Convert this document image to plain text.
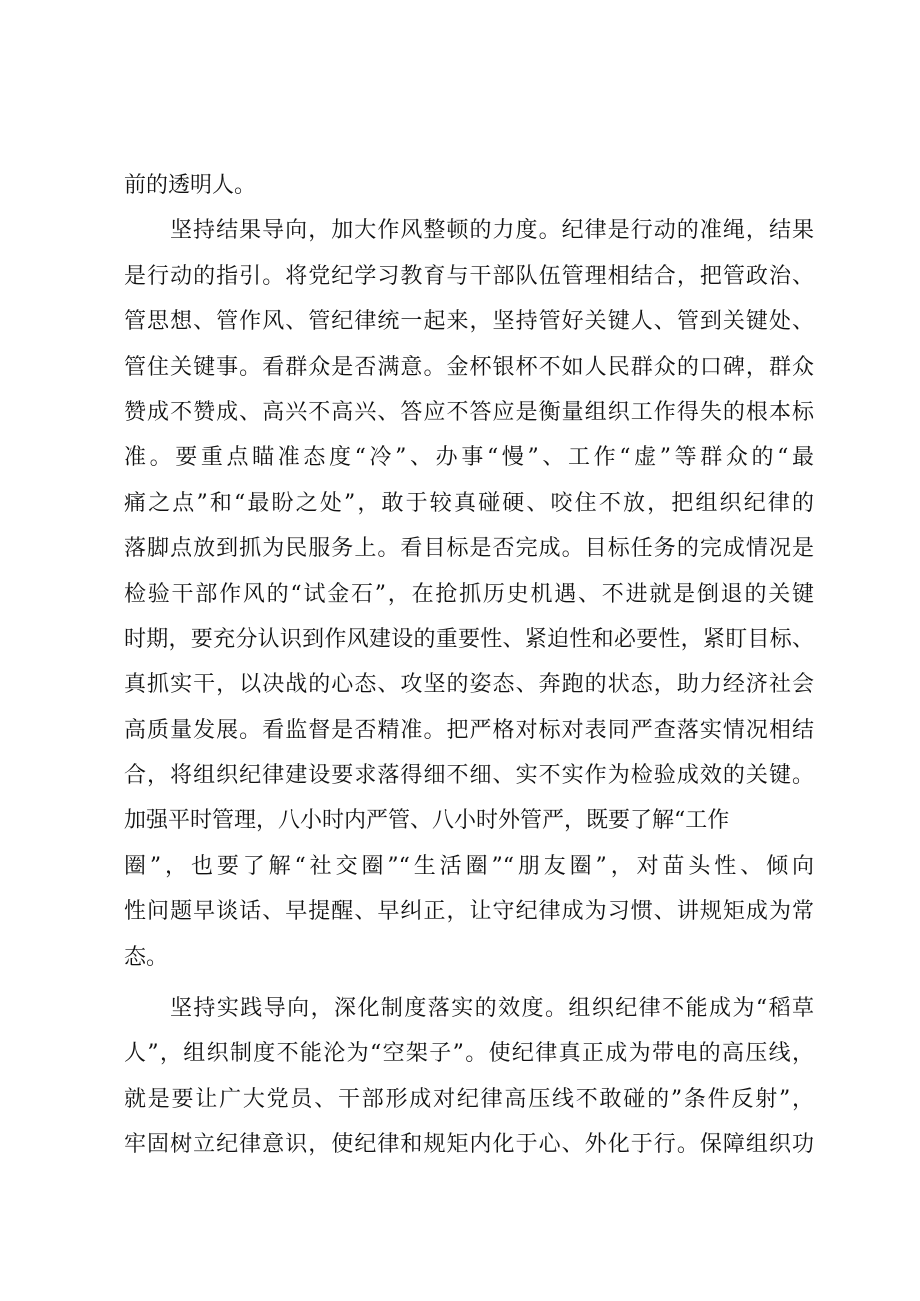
前的透明人。
坚持结果导向，加大作风整顿的力度。纪律是行动的准绳，结果
是行动的指引。将党纪学习教育与干部队伍管理相结合，把管政治、
管思想、管作风、管纪律统一起来，坚持管好关键人、管到关键处、
管住关键事。看群众是否满意。金杯银杯不如人民群众的口碑，群众
赞成不赞成、高兴不高兴、答应不答应是衡量组织工作得失的根本标
准。要重点瞄准态度“冷”、办事“慢”、工作“虚”等群众的“最
痛之点”和“最盼之处”，敢于较真碰硬、咬住不放，把组织纪律的
落脚点放到抓为民服务上。看目标是否完成。目标任务的完成情况是
检验干部作风的“试金石”，在抢抓历史机遇、不进就是倒退的关键
时期，要充分认识到作风建设的重要性、紧迫性和必要性，紧盯目标、
真抓实干，以决战的心态、攻坚的姿态、奔跑的状态，助力经济社会
高质量发展。看监督是否精准。把严格对标对表同严查落实情况相结
合，将组织纪律建设要求落得细不细、实不实作为检验成效的关键。
加强平时管理，八小时内严管、八小时外管严，既要了解“工作
圈”，也要了解“社交圈”“生活圈”“朋友圈”，对苗头性、倾向
性问题早谈话、早提醒、早纠正，让守纪律成为习惯、讲规矩成为常
态。
坚持实践导向，深化制度落实的效度。组织纪律不能成为“稻草
人”，组织制度不能沦为“空架子”。使纪律真正成为带电的高压线，
就是要让广大党员、干部形成对纪律高压线不敢碰的”条件反射”，
牢固树立纪律意识，使纪律和规矩内化于心、外化于行。保障组织功
